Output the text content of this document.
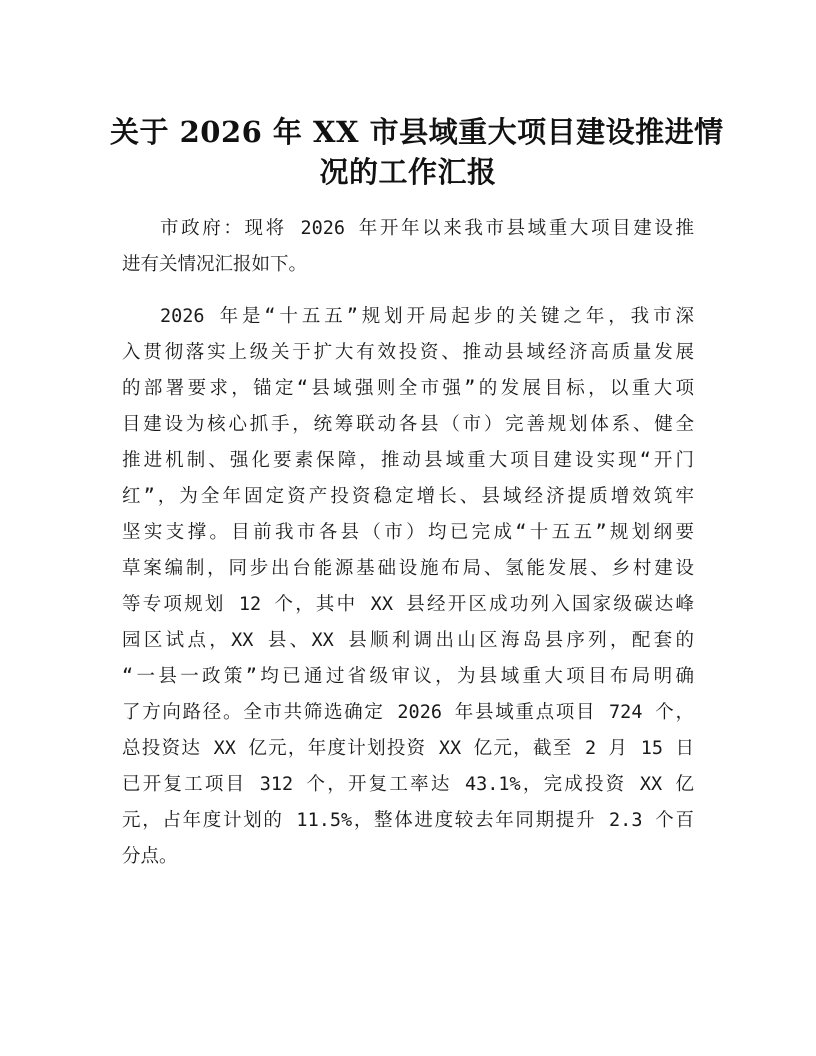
关于 2026 年 XX 市县域重大项目建设推进情
况的工作汇报
市政府：现将 2026 年开年以来我市县域重大项目建设推
进有关情况汇报如下。
2026 年是“十五五”规划开局起步的关键之年，我市深
入贯彻落实上级关于扩大有效投资、推动县域经济高质量发展
的部署要求，锚定“县域强则全市强”的发展目标，以重大项
目建设为核心抓手，统筹联动各县（市）完善规划体系、健全
推进机制、强化要素保障，推动县域重大项目建设实现“开门
红”，为全年固定资产投资稳定增长、县域经济提质增效筑牢
坚实支撑。目前我市各县（市）均已完成“十五五”规划纲要
草案编制，同步出台能源基础设施布局、氢能发展、乡村建设
等专项规划 12 个，其中 XX 县经开区成功列入国家级碳达峰
园区试点，XX 县、XX 县顺利调出山区海岛县序列，配套的
“一县一政策”均已通过省级审议，为县域重大项目布局明确
了方向路径。全市共筛选确定 2026 年县域重点项目 724 个，
总投资达 XX 亿元，年度计划投资 XX 亿元，截至 2 月 15 日
已开复工项目 312 个，开复工率达 43.1%，完成投资 XX 亿
元，占年度计划的 11.5%，整体进度较去年同期提升 2.3 个百
分点。
